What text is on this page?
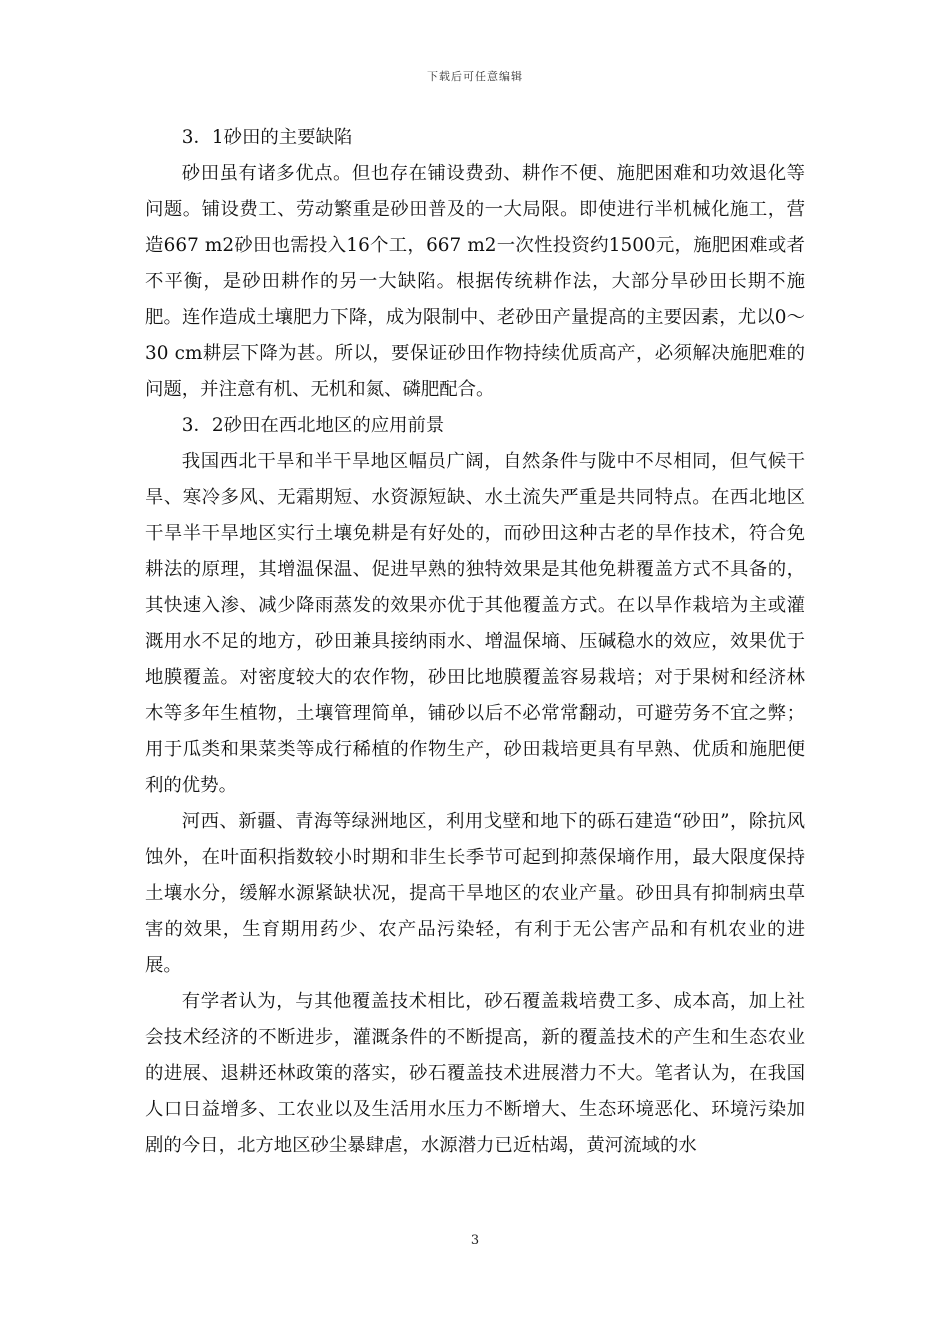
下载后可任意编辑

3．1砂田的主要缺陷

砂田虽有诸多优点。但也存在铺设费劲、耕作不便、施肥困难和功效退化等问题。铺设费工、劳动繁重是砂田普及的一大局限。即使进行半机械化施工，营造667 m2砂田也需投入16个工，667 m2一次性投资约1500元，施肥困难或者不平衡，是砂田耕作的另一大缺陷。根据传统耕作法，大部分旱砂田长期不施肥。连作造成土壤肥力下降，成为限制中、老砂田产量提高的主要因素，尤以0～30 cm耕层下降为甚。所以，要保证砂田作物持续优质高产，必须解决施肥难的问题，并注意有机、无机和氮、磷肥配合。

3．2砂田在西北地区的应用前景

我国西北干旱和半干旱地区幅员广阔，自然条件与陇中不尽相同，但气候干旱、寒冷多风、无霜期短、水资源短缺、水土流失严重是共同特点。在西北地区干旱半干旱地区实行土壤免耕是有好处的，而砂田这种古老的旱作技术，符合免耕法的原理，其增温保温、促进早熟的独特效果是其他免耕覆盖方式不具备的，其快速入渗、减少降雨蒸发的效果亦优于其他覆盖方式。在以旱作栽培为主或灌溉用水不足的地方，砂田兼具接纳雨水、增温保墒、压碱稳水的效应，效果优于地膜覆盖。对密度较大的农作物，砂田比地膜覆盖容易栽培；对于果树和经济林木等多年生植物，土壤管理简单，铺砂以后不必常常翻动，可避劳务不宜之弊；用于瓜类和果菜类等成行稀植的作物生产，砂田栽培更具有早熟、优质和施肥便利的优势。

河西、新疆、青海等绿洲地区，利用戈壁和地下的砾石建造“砂田”，除抗风蚀外，在叶面积指数较小时期和非生长季节可起到抑蒸保墒作用，最大限度保持土壤水分，缓解水源紧缺状况，提高干旱地区的农业产量。砂田具有抑制病虫草害的效果，生育期用药少、农产品污染轻，有利于无公害产品和有机农业的进展。

有学者认为，与其他覆盖技术相比，砂石覆盖栽培费工多、成本高，加上社会技术经济的不断进步，灌溉条件的不断提高，新的覆盖技术的产生和生态农业的进展、退耕还林政策的落实，砂石覆盖技术进展潜力不大。笔者认为，在我国人口日益增多、工农业以及生活用水压力不断增大、生态环境恶化、环境污染加剧的今日，北方地区砂尘暴肆虐，水源潜力已近枯竭，黄河流域的水

3
